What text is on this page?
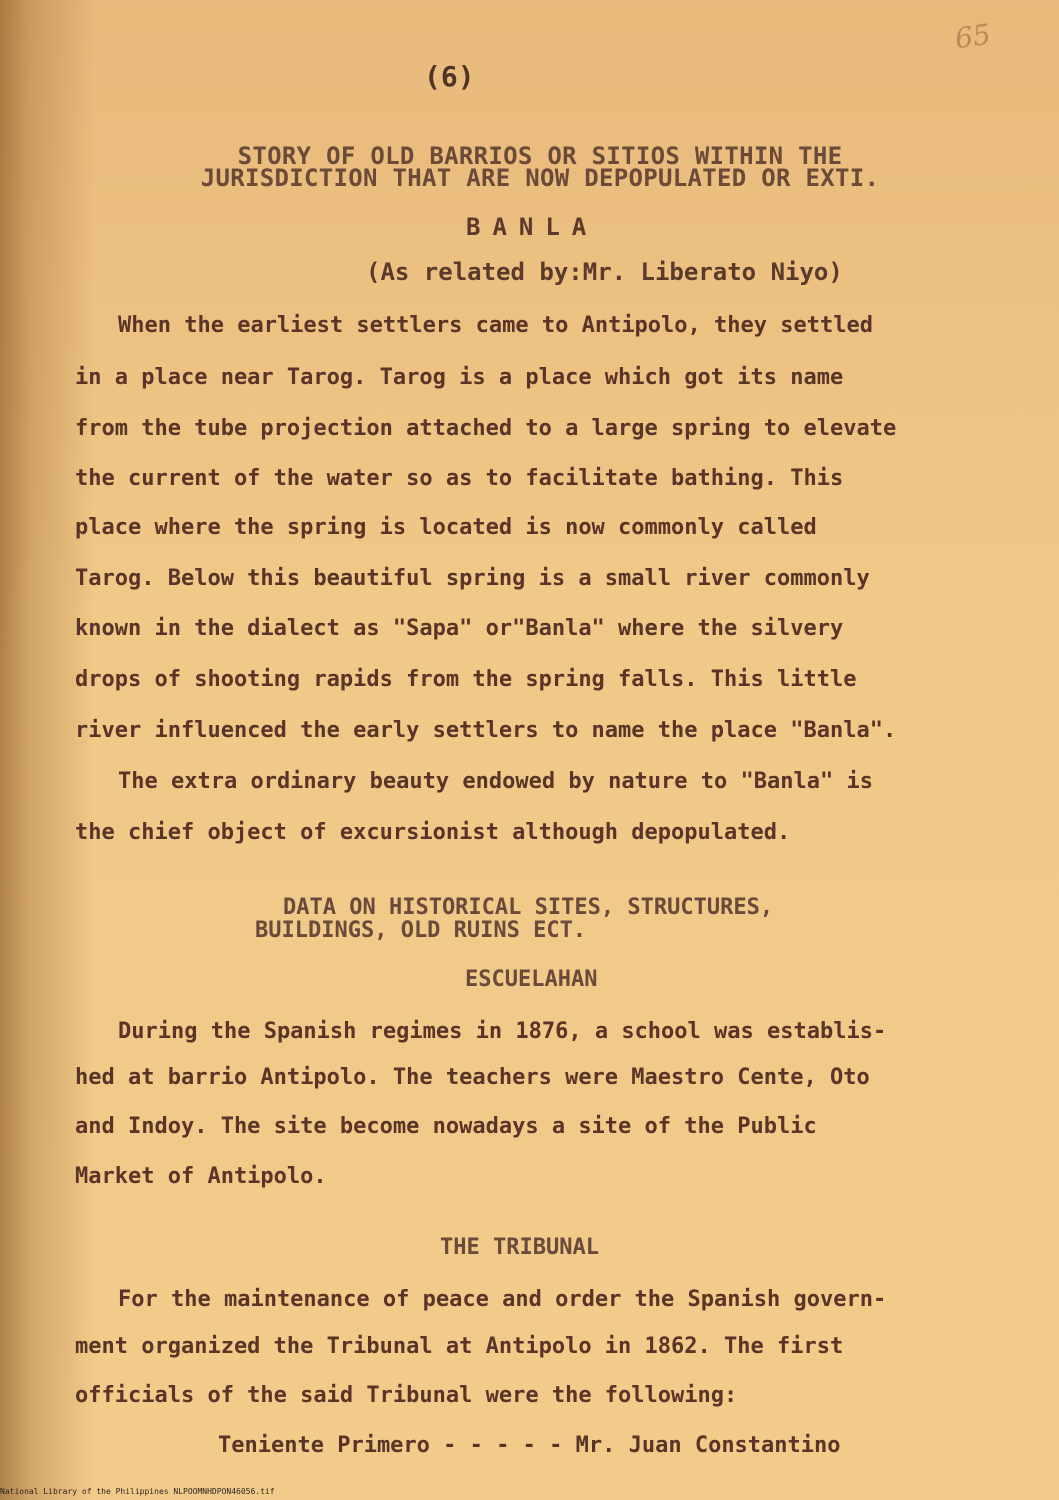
(6)
65
STORY OF OLD BARRIOS OR SITIOS WITHIN THE
JURISDICTION THAT ARE NOW DEPOPULATED OR EXTI.
BANLA
(As related by:Mr. Liberato Niyo)
When the earliest settlers came to Antipolo, they settled
in a place near Tarog. Tarog is a place which got its name
from the tube projection attached to a large spring to elevate
the current of the water so as to facilitate bathing. This
place where the spring is located is now commonly called
Tarog. Below this beautiful spring is a small river commonly
known in the dialect as "Sapa" or"Banla" where the silvery
drops of shooting rapids from the spring falls. This little
river influenced the early settlers to name the place "Banla".
The extra ordinary beauty endowed by nature to "Banla" is
the chief object of excursionist although depopulated.
DATA ON HISTORICAL SITES, STRUCTURES,
BUILDINGS, OLD RUINS ECT.
ESCUELAHAN
During the Spanish regimes in 1876, a school was establis-
hed at barrio Antipolo. The teachers were Maestro Cente, Oto
and Indoy. The site become nowadays a site of the Public
Market of Antipolo.
THE TRIBUNAL
For the maintenance of peace and order the Spanish govern-
ment organized the Tribunal at Antipolo in 1862. The first
officials of the said Tribunal were the following:
Teniente Primero - - - - - Mr. Juan Constantino
National Library of the Philippines NLPOOMNHDPON46056.tif
